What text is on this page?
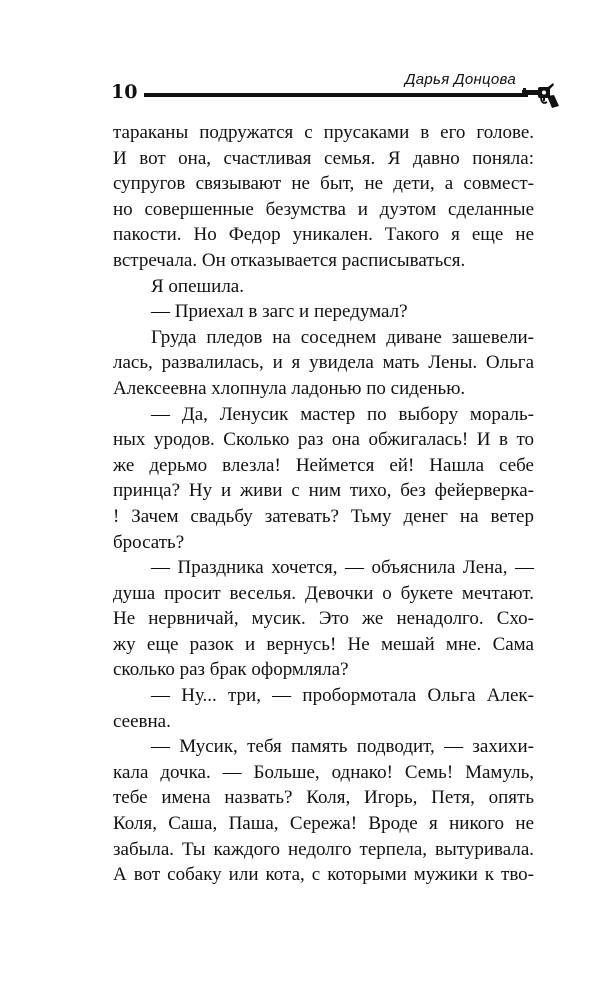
10
Дарья Донцова

тараканы подружатся с прусаками в его голове.

И вот она, счастливая семья. Я давно поняла:

супругов связывают не быт, не дети, а совмест-

но совершенные безумства и дуэтом сделанные

пакости. Но Федор уникален. Такого я еще не

встречала. Он отказывается расписываться.

Я опешила.

— Приехал в загс и передумал?

Груда пледов на соседнем диване зашевели-

лась, развалилась, и я увидела мать Лены. Ольга

Алексеевна хлопнула ладонью по сиденью.

— Да, Ленусик мастер по выбору мораль-

ных уродов. Сколько раз она обжигалась! И в то

же дерьмо влезла! Неймется ей! Нашла себе

принца? Ну и живи с ним тихо, без фейерверка-

! Зачем свадьбу затевать? Тьму денег на ветер

бросать?

— Праздника хочется, — объяснила Лена, —

душа просит веселья. Девочки о букете мечтают.

Не нервничай, мусик. Это же ненадолго. Схо-

жу еще разок и вернусь! Не мешай мне. Сама

сколько раз брак оформляла?

— Ну... три, — пробормотала Ольга Алек-

сеевна.

— Мусик, тебя память подводит, — захихи-

кала дочка. — Больше, однако! Семь! Мамуль,

тебе имена назвать? Коля, Игорь, Петя, опять

Коля, Саша, Паша, Сережа! Вроде я никого не

забыла. Ты каждого недолго терпела, вытуривала.

А вот собаку или кота, с которыми мужики к тво-
